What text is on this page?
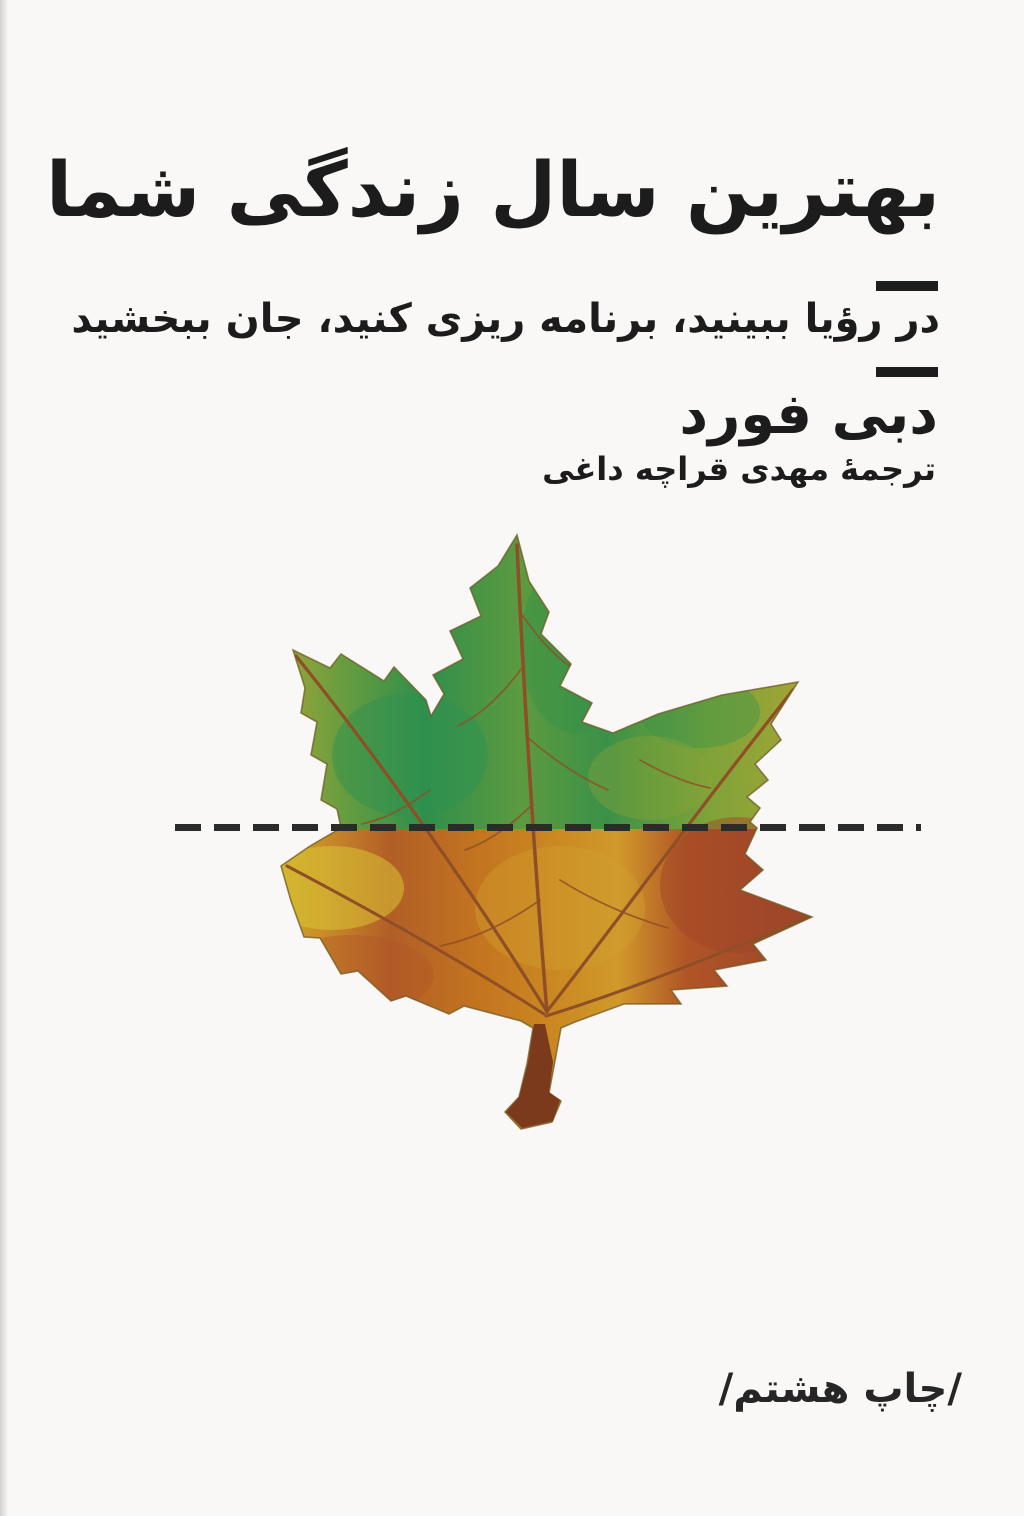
بهترین سال زندگی شما
در رؤیا ببینید، برنامه ریزی کنید، جان ببخشید
دبی فورد
ترجمهٔ مهدی قراچه داغی
/چاپ هشتم/
